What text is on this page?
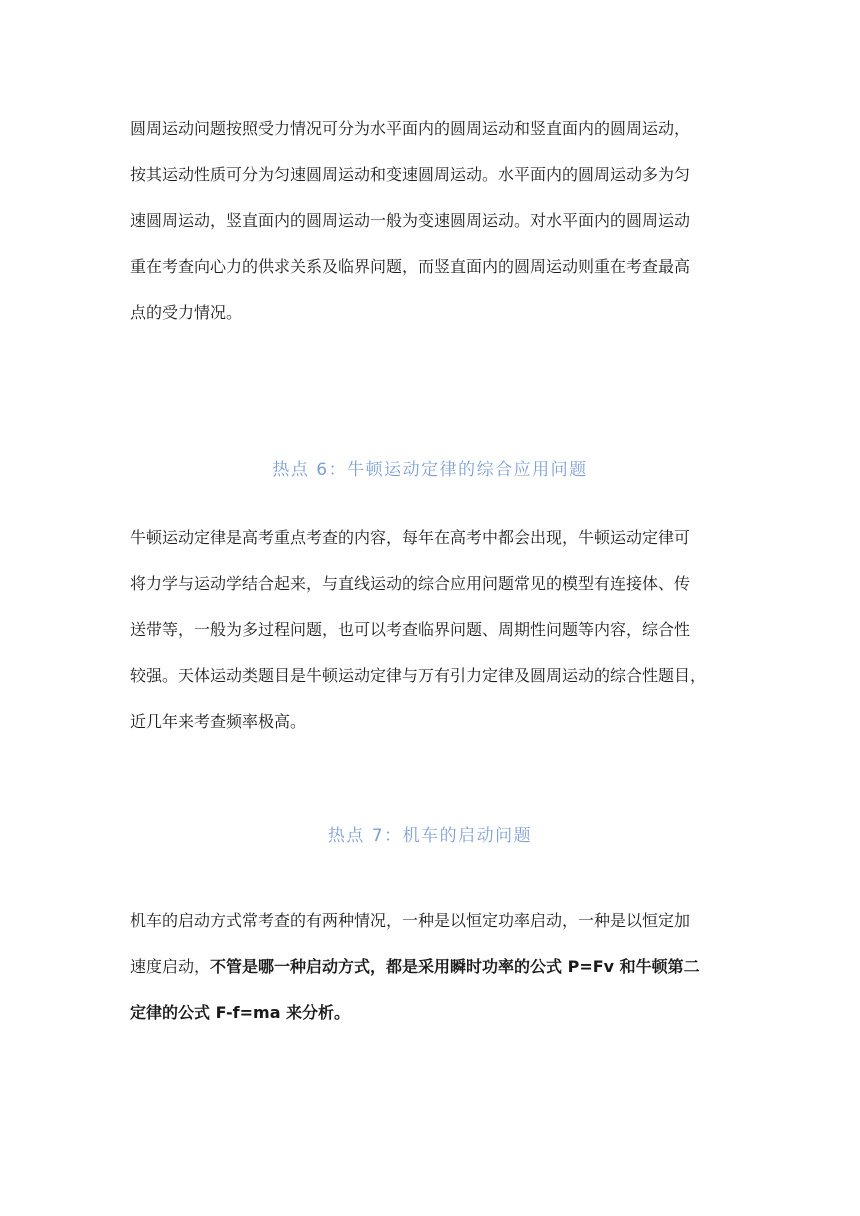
圆周运动问题按照受力情况可分为水平面内的圆周运动和竖直面内的圆周运动，
按其运动性质可分为匀速圆周运动和变速圆周运动。水平面内的圆周运动多为匀
速圆周运动，竖直面内的圆周运动一般为变速圆周运动。对水平面内的圆周运动
重在考查向心力的供求关系及临界问题，而竖直面内的圆周运动则重在考查最高
点的受力情况。

热点 6：牛顿运动定律的综合应用问题

牛顿运动定律是高考重点考查的内容，每年在高考中都会出现，牛顿运动定律可
将力学与运动学结合起来，与直线运动的综合应用问题常见的模型有连接体、传
送带等，一般为多过程问题，也可以考查临界问题、周期性问题等内容，综合性
较强。天体运动类题目是牛顿运动定律与万有引力定律及圆周运动的综合性题目，
近几年来考查频率极高。

热点 7：机车的启动问题

机车的启动方式常考查的有两种情况，一种是以恒定功率启动，一种是以恒定加
速度启动，不管是哪一种启动方式，都是采用瞬时功率的公式 P=Fv 和牛顿第二
定律的公式 F-f=ma 来分析。
